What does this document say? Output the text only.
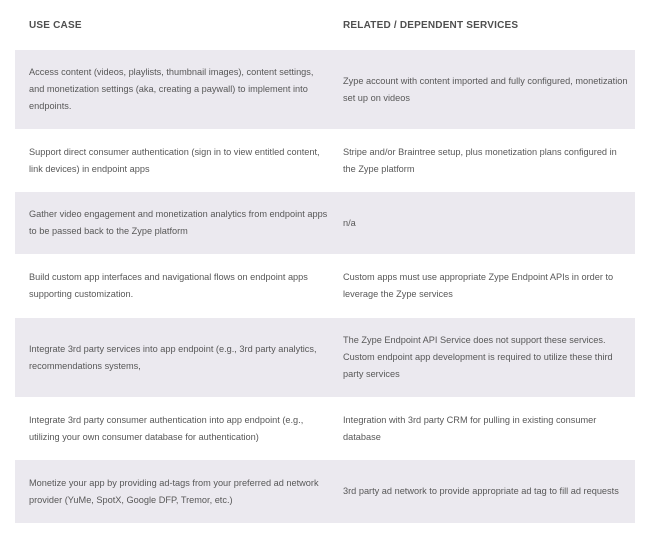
USE CASE	RELATED / DEPENDENT SERVICES
Access content (videos, playlists, thumbnail images), content settings, and monetization settings (aka, creating a paywall) to implement into endpoints.
Zype account with content imported and fully configured, monetization set up on videos
Support direct consumer authentication (sign in to view entitled content, link devices) in endpoint apps
Stripe and/or Braintree setup, plus monetization plans configured in the Zype platform
Gather video engagement and monetization analytics from endpoint apps to be passed back to the Zype platform
n/a
Build custom app interfaces and navigational flows on endpoint apps supporting customization.
Custom apps must use appropriate Zype Endpoint APIs in order to leverage the Zype services
Integrate 3rd party services into app endpoint (e.g., 3rd party analytics, recommendations systems,
The Zype Endpoint API Service does not support these services. Custom endpoint app development is required to utilize these third party services
Integrate 3rd party consumer authentication into app endpoint (e.g., utilizing your own consumer database for authentication)
Integration with 3rd party CRM for pulling in existing consumer database
Monetize your app by providing ad-tags from your preferred ad network provider (YuMe, SpotX, Google DFP, Tremor, etc.)
3rd party ad network to provide appropriate ad tag to fill ad requests
